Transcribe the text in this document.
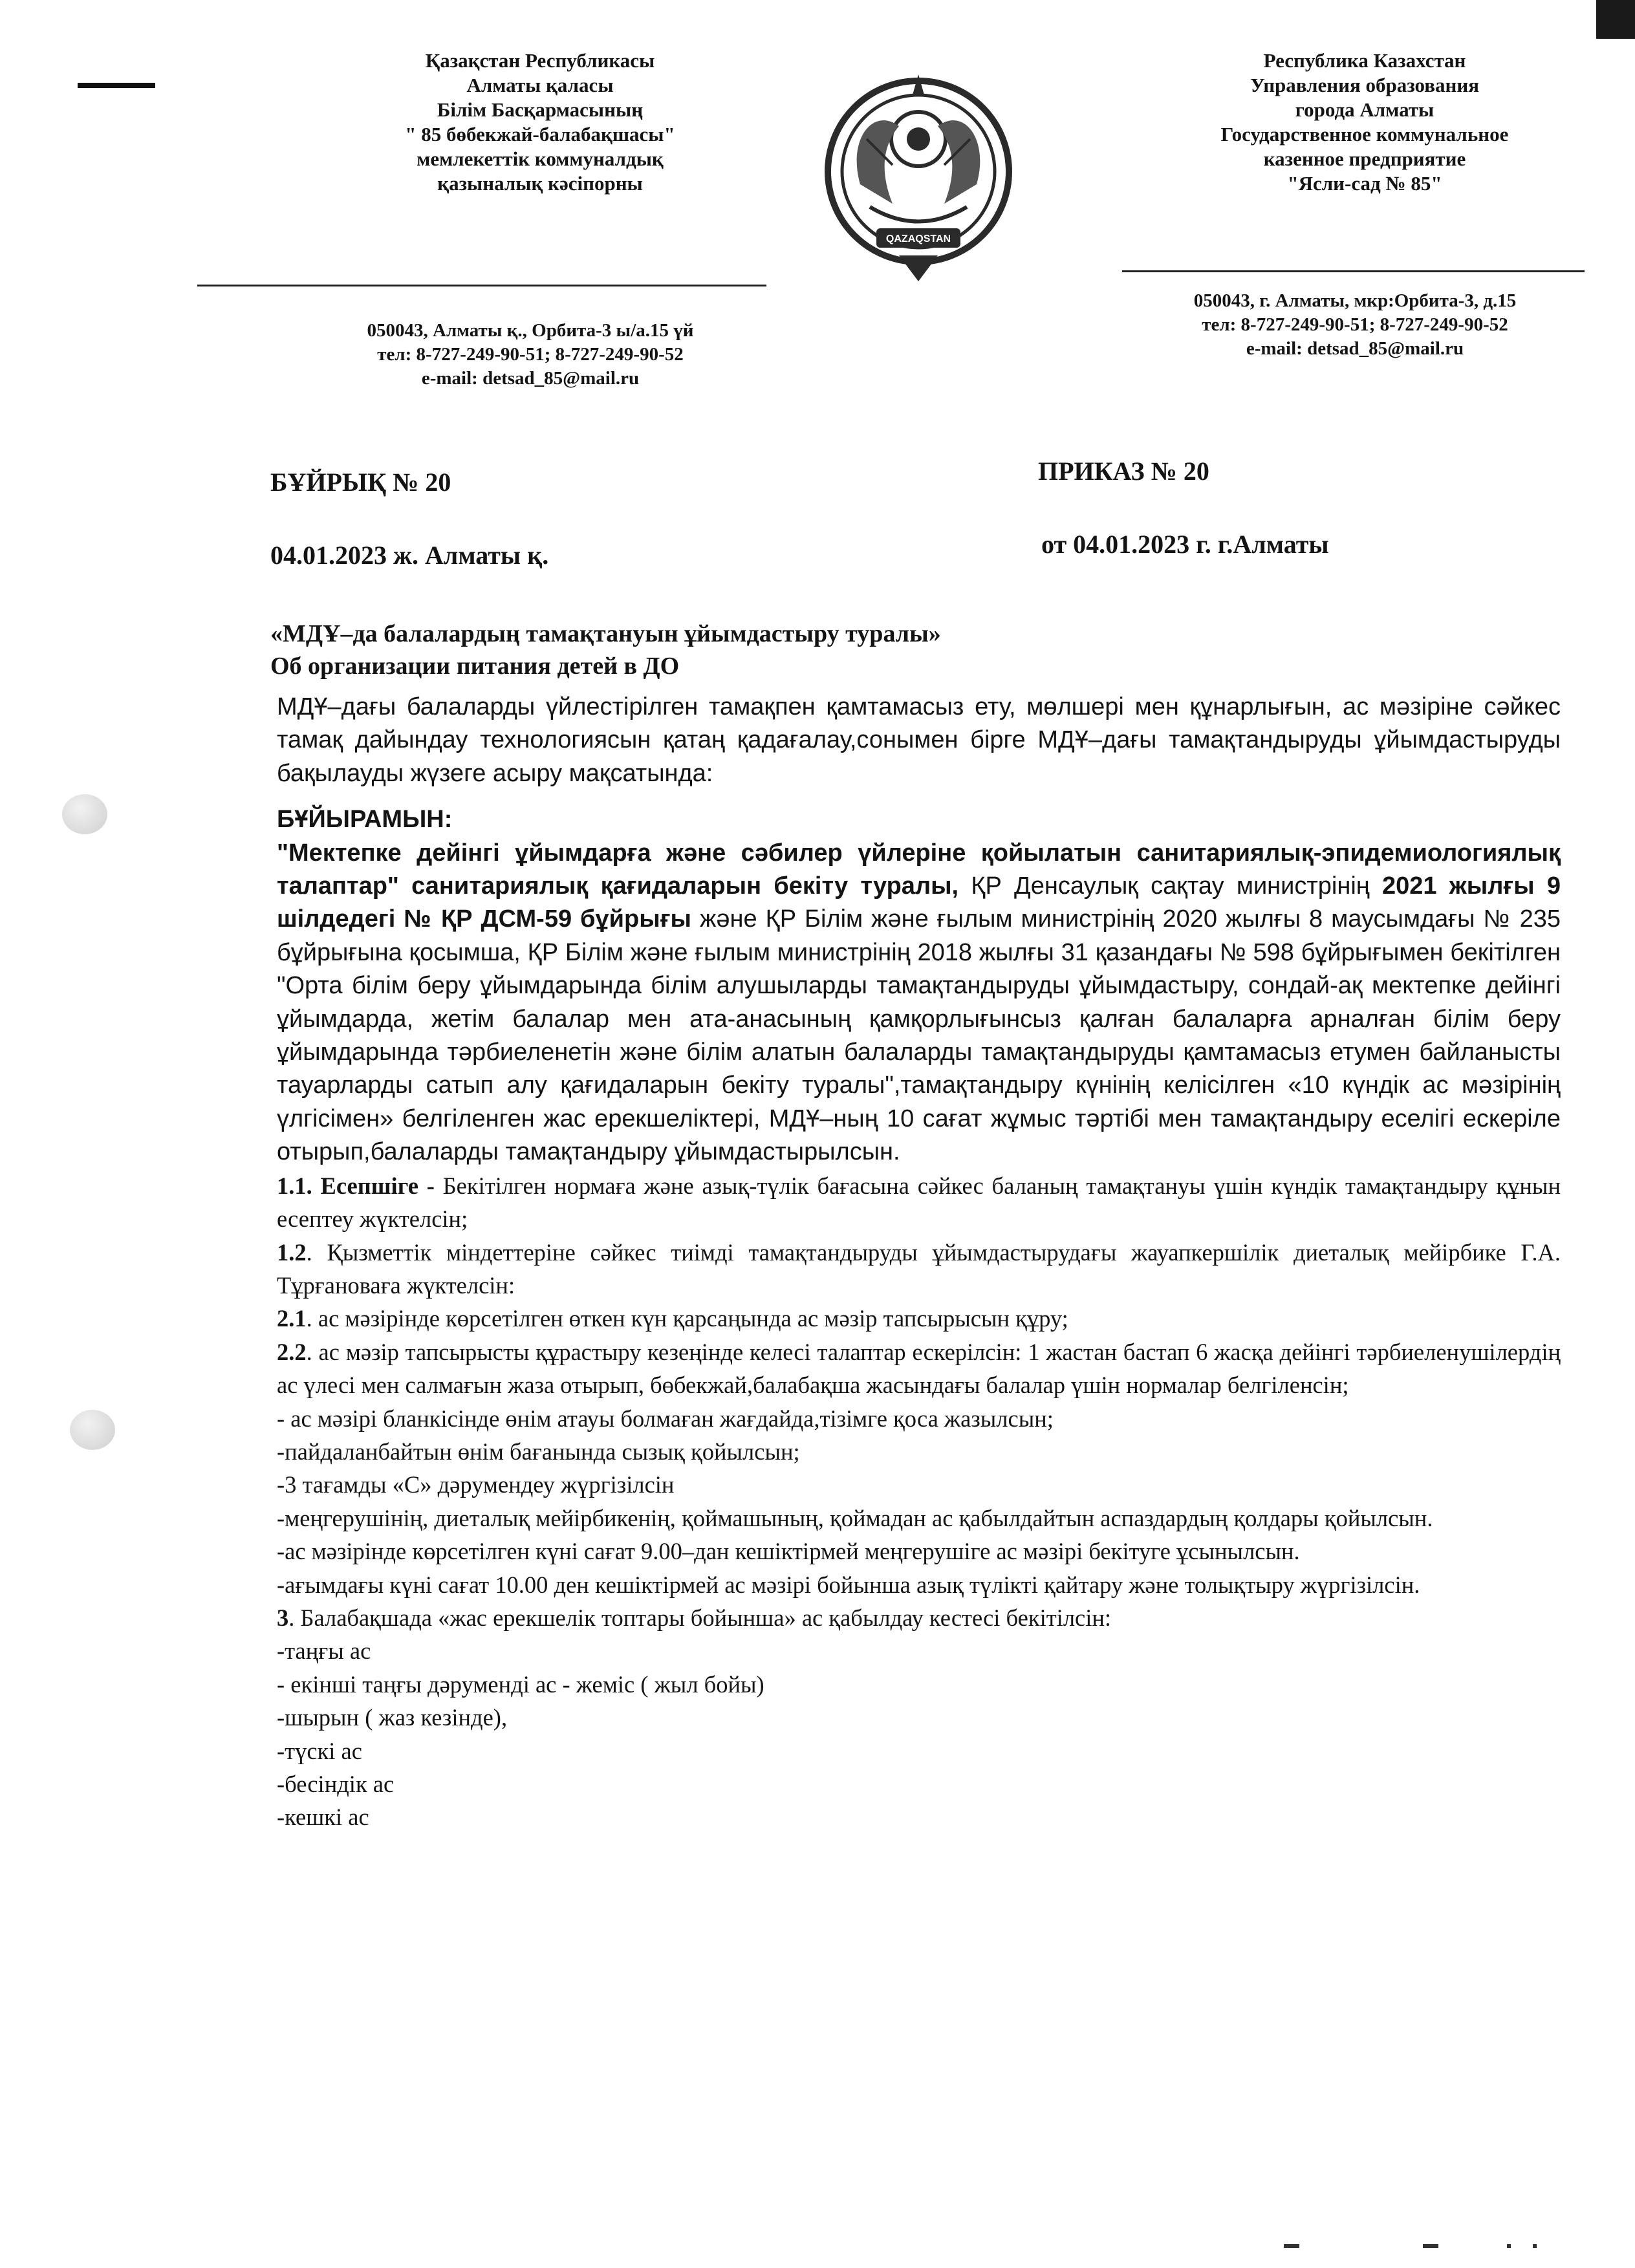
Қазақстан Республикасы
Алматы қаласы
Білім Басқармасының
" 85 бөбекжай-балабақшасы"
мемлекеттік коммуналдық
қазыналық кәсіпорны
QAZAQSTAN
Республика Казахстан
Управления образования
города Алматы
Государственное коммунальное
казенное предприятие
"Ясли-сад № 85"
050043, Алматы қ., Орбита-3 ы/а.15 үй
тел: 8-727-249-90-51; 8-727-249-90-52
e-mail: detsad_85@mail.ru
050043, г. Алматы, мкр:Орбита-3, д.15
тел: 8-727-249-90-51; 8-727-249-90-52
e-mail: detsad_85@mail.ru
БҰЙРЫҚ № 20
04.01.2023 ж. Алматы қ.
ПРИКАЗ № 20
от 04.01.2023 г. г.Алматы
«МДҰ–да балалардың тамақтануын ұйымдастыру туралы»
Об организации питания детей в ДО

МДҰ–дағы балаларды үйлестірілген тамақпен қамтамасыз ету, мөлшері мен құнарлығын, ас мәзіріне сәйкес тамақ дайындау технологиясын қатаң қадағалау,сонымен бірге МДҰ–дағы тамақтандыруды ұйымдастыруды бақылауды жүзеге асыру мақсатында:

БҰЙЫРАМЫН:

"Мектепке дейінгі ұйымдарға және сәбилер үйлеріне қойылатын санитариялық-эпидемиологиялық талаптар" санитариялық қағидаларын бекіту туралы, ҚР Денсаулық сақтау министрінің 2021 жылғы 9 шілдедегі № ҚР ДСМ-59 бұйрығы және ҚР Білім және ғылым министрінің 2020 жылғы 8 маусымдағы № 235 бұйрығына қосымша, ҚР Білім және ғылым министрінің 2018 жылғы 31 қазандағы № 598 бұйрығымен бекітілген "Орта білім беру ұйымдарында білім алушыларды тамақтандыруды ұйымдастыру, сондай-ақ мектепке дейінгі ұйымдарда, жетім балалар мен ата-анасының қамқорлығынсыз қалған балаларға арналған білім беру ұйымдарында тәрбиеленетін және білім алатын балаларды тамақтандыруды қамтамасыз етумен байланысты тауарларды сатып алу қағидаларын бекіту туралы",тамақтандыру күнінің келісілген «10 күндік ас мәзірінің үлгісімен» белгіленген жас ерекшеліктері, МДҰ–ның 10 сағат жұмыс тәртібі мен тамақтандыру еселігі ескеріле отырып,балаларды тамақтандыру ұйымдастырылсын.

1.1. Есепшіге - Бекітілген нормаға және азық-түлік бағасына сәйкес баланың тамақтануы үшін күндік тамақтандыру құнын есептеу жүктелсін;

1.2. Қызметтік міндеттеріне сәйкес тиімді тамақтандыруды ұйымдастырудағы жауапкершілік диеталық мейірбике Г.А. Тұрғановаға жүктелсін:

2.1. ас мәзірінде көрсетілген өткен күн қарсаңында ас мәзір тапсырысын құру;

2.2. ас мәзір тапсырысты құрастыру кезеңінде келесі талаптар ескерілсін: 1 жастан бастап 6 жасқа дейінгі тәрбиеленушілердің ас үлесі мен салмағын жаза отырып, бөбекжай,балабақша жасындағы балалар үшін нормалар белгіленсін;

- ас мәзірі бланкісінде өнім атауы болмаған жағдайда,тізімге қоса жазылсын;

-пайдаланбайтын өнім бағанында сызық қойылсын;

-3 тағамды «С» дәрумендеу жүргізілсін

-меңгерушінің, диеталық мейірбикенің, қоймашының, қоймадан ас қабылдайтын аспаздардың қолдары қойылсын.

-ас мәзірінде көрсетілген күні сағат 9.00–дан кешіктірмей меңгерушіге ас мәзірі бекітуге ұсынылсын.

-ағымдағы күні сағат 10.00 ден кешіктірмей ас мәзірі бойынша азық түлікті қайтару және толықтыру жүргізілсін.

3. Балабақшада «жас ерекшелік топтары бойынша» ас қабылдау кестесі бекітілсін:

-таңғы ас

- екінші таңғы дәруменді ас - жеміс ( жыл бойы)

-шырын ( жаз кезінде),

-түскі ас

-бесіндік ас

-кешкі ас
